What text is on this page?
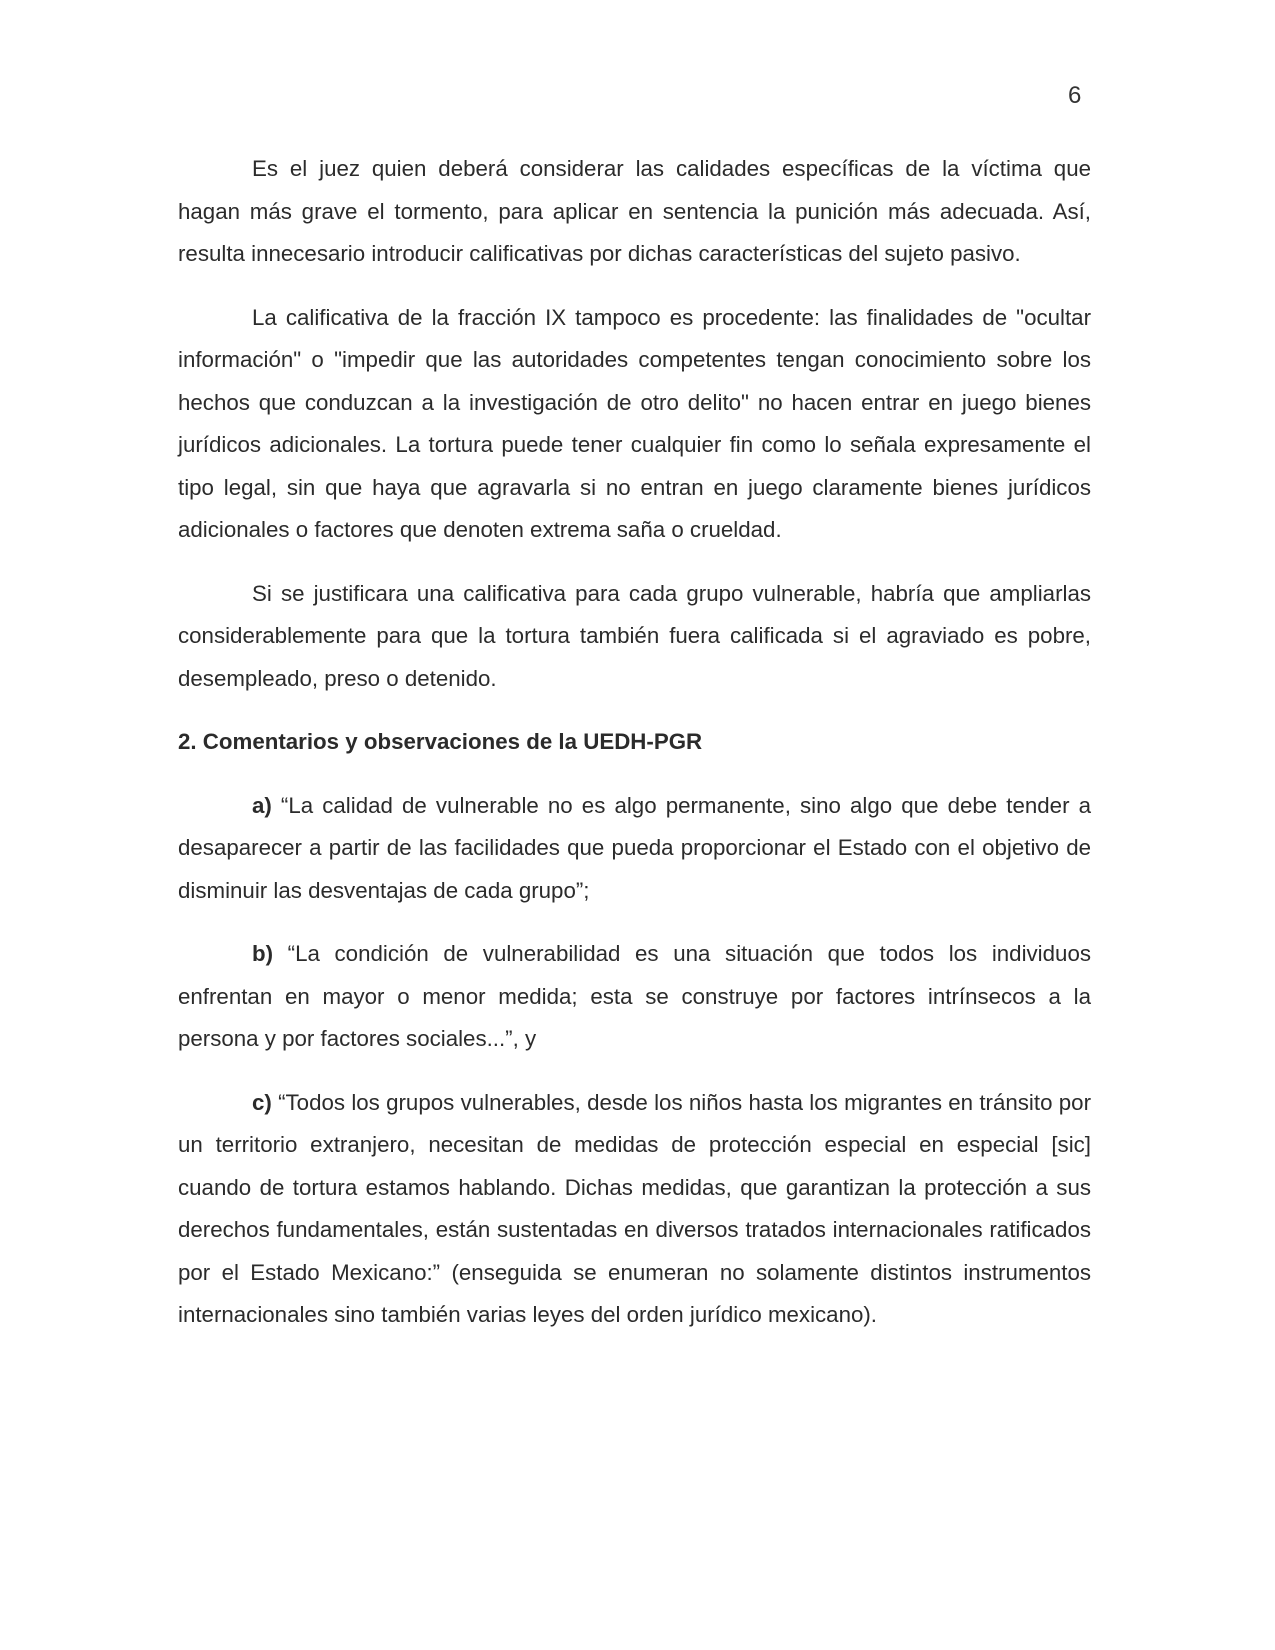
6

Es el juez quien deberá considerar las calidades específicas de la víctima que hagan más grave el tormento, para aplicar en sentencia la punición más adecuada. Así, resulta innecesario introducir calificativas por dichas características del sujeto pasivo.

La calificativa de la fracción IX tampoco es procedente: las finalidades de "ocultar información" o "impedir que las autoridades competentes tengan conocimiento sobre los hechos que conduzcan a la investigación de otro delito" no hacen entrar en juego bienes jurídicos adicionales. La tortura puede tener cualquier fin como lo señala expresamente el tipo legal, sin que haya que agravarla si no entran en juego claramente bienes jurídicos adicionales o factores que denoten extrema saña o crueldad.

Si se justificara una calificativa para cada grupo vulnerable, habría que ampliarlas considerablemente para que la tortura también fuera calificada si el agraviado es pobre, desempleado, preso o detenido.

2. Comentarios y observaciones de la UEDH-PGR

a) “La calidad de vulnerable no es algo permanente, sino algo que debe tender a desaparecer a partir de las facilidades que pueda proporcionar el Estado con el objetivo de disminuir las desventajas de cada grupo”;

b) “La condición de vulnerabilidad es una situación que todos los individuos enfrentan en mayor o menor medida; esta se construye por factores intrínsecos a la persona y por factores sociales...”, y

c) “Todos los grupos vulnerables, desde los niños hasta los migrantes en tránsito por un territorio extranjero, necesitan de medidas de protección especial en especial [sic] cuando de tortura estamos hablando. Dichas medidas, que garantizan la protección a sus derechos fundamentales, están sustentadas en diversos tratados internacionales ratificados por el Estado Mexicano:” (enseguida se enumeran no solamente distintos instrumentos internacionales sino también varias leyes del orden jurídico mexicano).
